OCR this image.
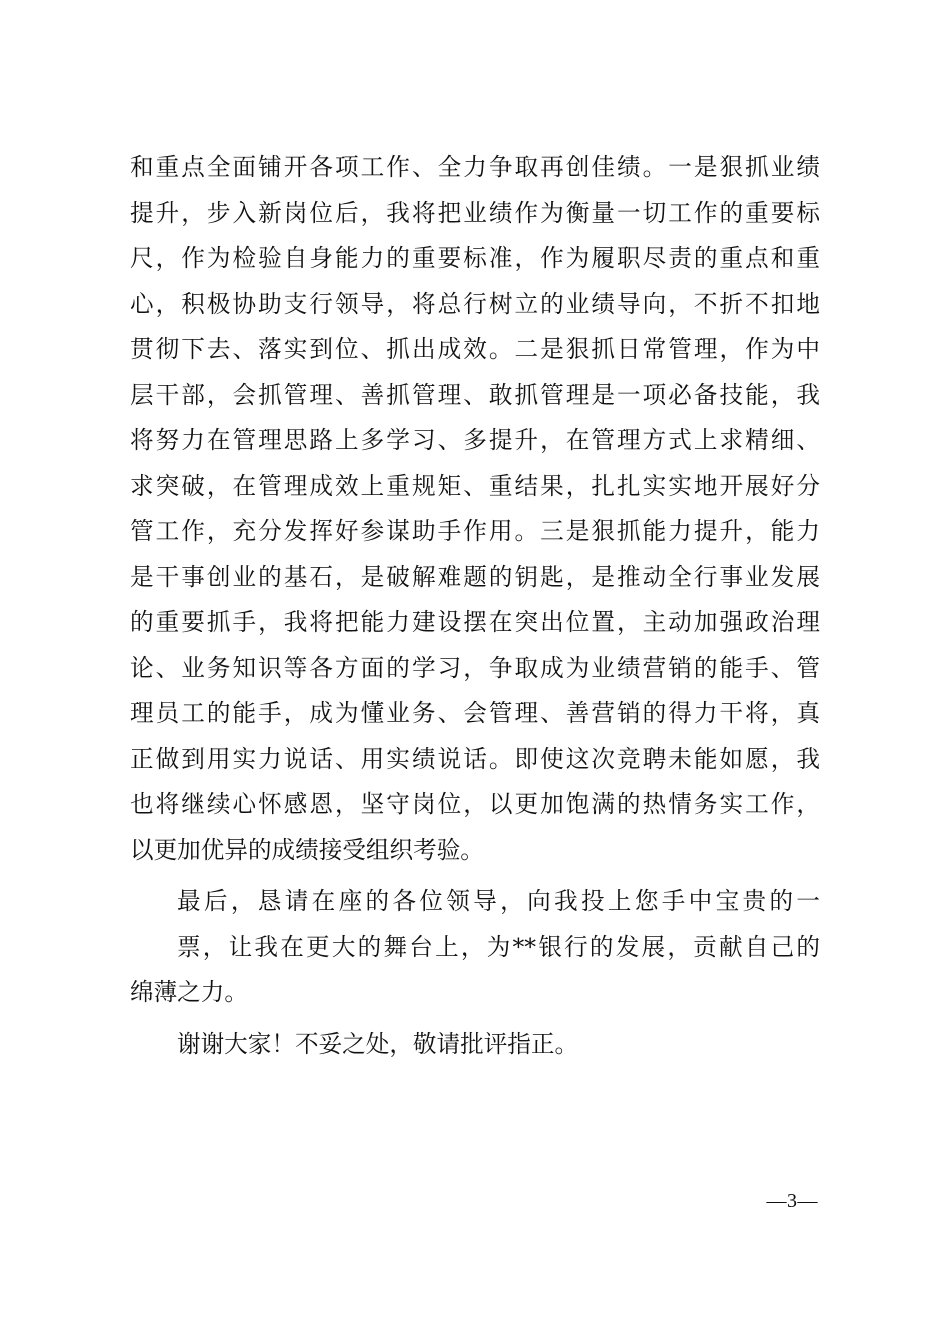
和重点全面铺开各项工作、全力争取再创佳绩。一是狠抓业绩
提升，步入新岗位后，我将把业绩作为衡量一切工作的重要标
尺，作为检验自身能力的重要标准，作为履职尽责的重点和重
心，积极协助支行领导，将总行树立的业绩导向，不折不扣地
贯彻下去、落实到位、抓出成效。二是狠抓日常管理，作为中
层干部，会抓管理、善抓管理、敢抓管理是一项必备技能，我
将努力在管理思路上多学习、多提升，在管理方式上求精细、
求突破，在管理成效上重规矩、重结果，扎扎实实地开展好分
管工作，充分发挥好参谋助手作用。三是狠抓能力提升，能力
是干事创业的基石，是破解难题的钥匙，是推动全行事业发展
的重要抓手，我将把能力建设摆在突出位置，主动加强政治理
论、业务知识等各方面的学习，争取成为业绩营销的能手、管
理员工的能手，成为懂业务、会管理、善营销的得力干将，真
正做到用实力说话、用实绩说话。即使这次竞聘未能如愿，我
也将继续心怀感恩，坚守岗位，以更加饱满的热情务实工作，
以更加优异的成绩接受组织考验。
最后，恳请在座的各位领导，向我投上您手中宝贵的一
票，让我在更大的舞台上，为**银行的发展，贡献自己的
绵薄之力。
谢谢大家！不妥之处，敬请批评指正。
—3—
